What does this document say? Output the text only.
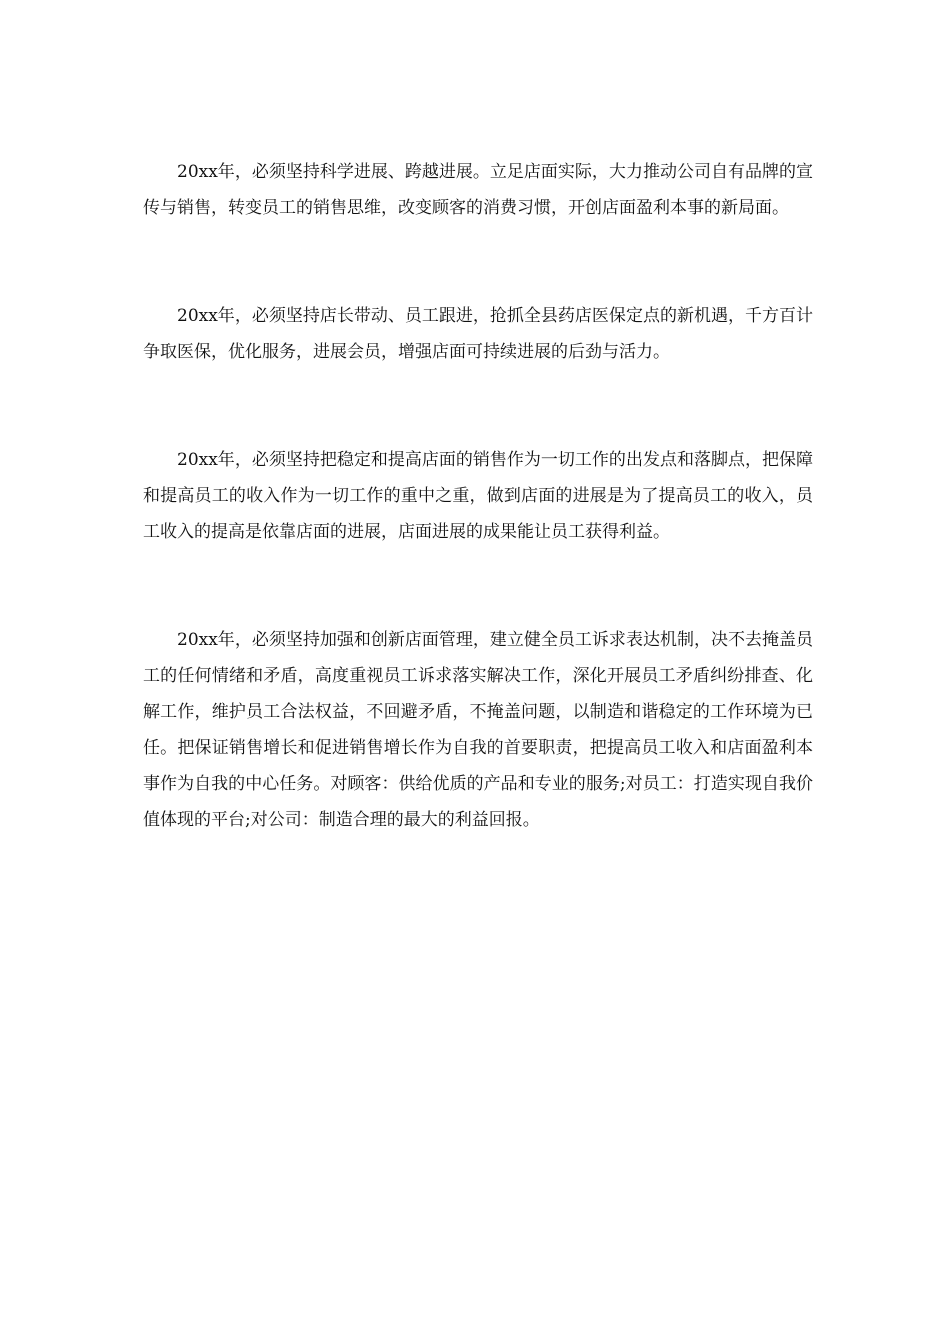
20xx年，必须坚持科学进展、跨越进展。立足店面实际，大力推动公司自有品牌的宣传与销售，转变员工的销售思维，改变顾客的消费习惯，开创店面盈利本事的新局面。

20xx年，必须坚持店长带动、员工跟进，抢抓全县药店医保定点的新机遇，千方百计争取医保，优化服务，进展会员，增强店面可持续进展的后劲与活力。

20xx年，必须坚持把稳定和提高店面的销售作为一切工作的出发点和落脚点，把保障和提高员工的收入作为一切工作的重中之重，做到店面的进展是为了提高员工的收入，员工收入的提高是依靠店面的进展，店面进展的成果能让员工获得利益。

20xx年，必须坚持加强和创新店面管理，建立健全员工诉求表达机制，决不去掩盖员工的任何情绪和矛盾，高度重视员工诉求落实解决工作，深化开展员工矛盾纠纷排查、化解工作，维护员工合法权益，不回避矛盾，不掩盖问题，以制造和谐稳定的工作环境为已任。把保证销售增长和促进销售增长作为自我的首要职责，把提高员工收入和店面盈利本事作为自我的中心任务。对顾客：供给优质的产品和专业的服务;对员工：打造实现自我价值体现的平台;对公司：制造合理的最大的利益回报。
